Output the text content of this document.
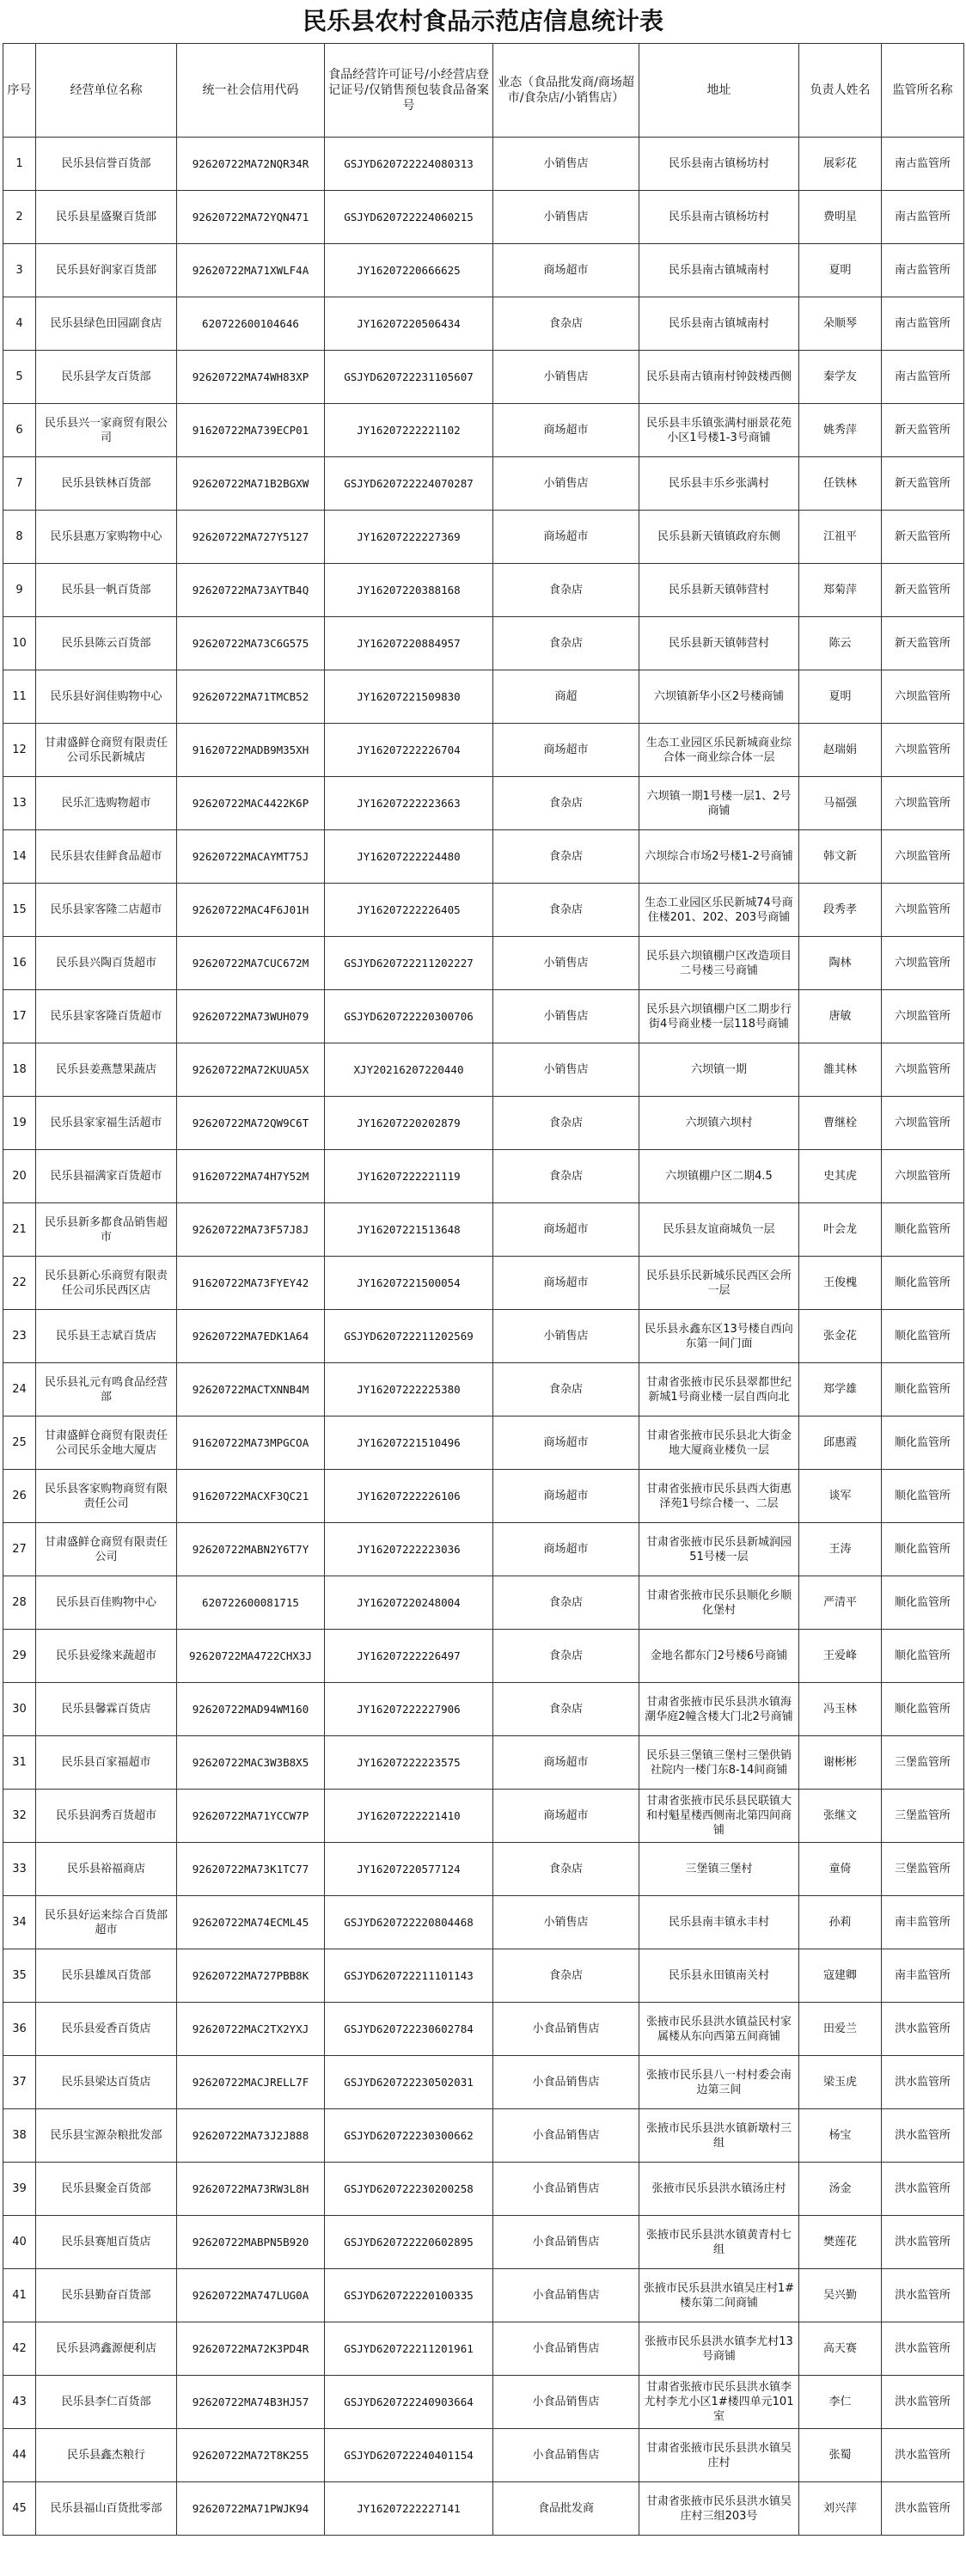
民乐县农村食品示范店信息统计表
序号	经营单位名称	统一社会信用代码	食品经营许可证号/小经营店登记证号/仅销售预包装食品备案号	业态（食品批发商/商场超市/食杂店/小销售店）	地址	负责人姓名	监管所名称
1	民乐县信誉百货部	92620722MA72NQR34R	GSJYD620722224080313	小销售店	民乐县南古镇杨坊村	展彩花	南古监管所
2	民乐县星盛聚百货部	92620722MA72YQN471	GSJYD620722224060215	小销售店	民乐县南古镇杨坊村	费明星	南古监管所
3	民乐县好润家百货部	92620722MA71XWLF4A	JY16207220666625	商场超市	民乐县南古镇城南村	夏明	南古监管所
4	民乐县绿色田园副食店	620722600104646	JY16207220506434	食杂店	民乐县南古镇城南村	朵顺琴	南古监管所
5	民乐县学友百货部	92620722MA74WH83XP	GSJYD620722231105607	小销售店	民乐县南古镇南村钟鼓楼西侧	秦学友	南古监管所
6	民乐县兴一家商贸有限公司	91620722MA739ECP01	JY16207222221102	商场超市	民乐县丰乐镇张满村丽景花苑小区1号楼1-3号商铺	姚秀萍	新天监管所
7	民乐县铁林百货部	92620722MA71B2BGXW	GSJYD620722224070287	小销售店	民乐县丰乐乡张满村	任铁林	新天监管所
8	民乐县惠万家购物中心	92620722MA727Y5127	JY16207222227369	商场超市	民乐县新天镇镇政府东侧	江祖平	新天监管所
9	民乐县一帆百货部	92620722MA73AYTB4Q	JY16207220388168	食杂店	民乐县新天镇韩营村	郑菊萍	新天监管所
10	民乐县陈云百货部	92620722MA73C6G575	JY16207220884957	食杂店	民乐县新天镇韩营村	陈云	新天监管所
11	民乐县好润佳购物中心	92620722MA71TMCB52	JY16207221509830	商超	六坝镇新华小区2号楼商铺	夏明	六坝监管所
12	甘肃盛鲜仓商贸有限责任公司乐民新城店	91620722MADB9M35XH	JY16207222226704	商场超市	生态工业园区乐民新城商业综合体一商业综合体一层	赵瑞娟	六坝监管所
13	民乐汇选购物超市	92620722MAC4422K6P	JY16207222223663	食杂店	六坝镇一期1号楼一层1、2号商铺	马福强	六坝监管所
14	民乐县农佳鲜食品超市	92620722MACAYMT75J	JY16207222224480	食杂店	六坝综合市场2号楼1-2号商铺	韩文新	六坝监管所
15	民乐县家客隆二店超市	92620722MAC4F6J01H	JY16207222226405	食杂店	生态工业园区乐民新城74号商住楼201、202、203号商铺	段秀孝	六坝监管所
16	民乐县兴陶百货超市	92620722MA7CUC672M	GSJYD620722211202227	小销售店	民乐县六坝镇棚户区改造项目二号楼三号商铺	陶林	六坝监管所
17	民乐县家客隆百货超市	92620722MA73WUH079	GSJYD620722220300706	小销售店	民乐县六坝镇棚户区二期步行街4号商业楼一层118号商铺	唐敏	六坝监管所
18	民乐县姜燕慧果蔬店	92620722MA72KUUA5X	XJY20216207220440	小销售店	六坝镇一期	雒其林	六坝监管所
19	民乐县家家福生活超市	92620722MA72QW9C6T	JY16207220202879	食杂店	六坝镇六坝村	曹继栓	六坝监管所
20	民乐县福满家百货超市	91620722MA74H7Y52M	JY16207222221119	食杂店	六坝镇棚户区二期4.5	史其虎	六坝监管所
21	民乐县新多都食品销售超市	92620722MA73F57J8J	JY16207221513648	商场超市	民乐县友谊商城负一层	叶会龙	顺化监管所
22	民乐县新心乐商贸有限责任公司乐民西区店	91620722MA73FYEY42	JY16207221500054	商场超市	民乐县乐民新城乐民西区会所一层	王俊槐	顺化监管所
23	民乐县王志斌百货店	92620722MA7EDK1A64	GSJYD620722211202569	小销售店	民乐县永鑫东区13号楼自西向东第一间门面	张金花	顺化监管所
24	民乐县礼元有鸣食品经营部	92620722MACTXNNB4M	JY16207222225380	食杂店	甘肃省张掖市民乐县翠都世纪新城1号商业楼一层自西向北	郑学雄	顺化监管所
25	甘肃盛鲜仓商贸有限责任公司民乐金地大厦店	91620722MA73MPGCOA	JY16207221510496	商场超市	甘肃省张掖市民乐县北大街金地大厦商业楼负一层	邱惠霞	顺化监管所
26	民乐县客家购物商贸有限责任公司	91620722MACXF3QC21	JY16207222226106	商场超市	甘肃省张掖市民乐县西大街惠泽苑1号综合楼一、二层	谈军	顺化监管所
27	甘肃盛鲜仓商贸有限责任公司	92620722MABN2Y6T7Y	JY16207222223036	商场超市	甘肃省张掖市民乐县新城润园51号楼一层	王涛	顺化监管所
28	民乐县百佳购物中心	620722600081715	JY16207220248004	食杂店	甘肃省张掖市民乐县顺化乡顺化堡村	严清平	顺化监管所
29	民乐县爱缘来蔬超市	92620722MA4722CHX3J	JY16207222226497	食杂店	金地名都东门2号楼6号商铺	王爱峰	顺化监管所
30	民乐县馨霖百货店	92620722MAD94WM160	JY16207222227906	食杂店	甘肃省张掖市民乐县洪水镇海潮华庭2幢含楼大门北2号商铺	冯玉林	顺化监管所
31	民乐县百家福超市	92620722MAC3W3B8X5	JY16207222223575	商场超市	民乐县三堡镇三堡村三堡供销社院内一楼门东8-14间商铺	谢彬彬	三堡监管所
32	民乐县润秀百货超市	92620722MA71YCCW7P	JY16207222221410	商场超市	甘肃省张掖市民乐县民联镇大和村魁星楼西侧南北第四间商铺	张继文	三堡监管所
33	民乐县裕福商店	92620722MA73K1TC77	JY16207220577124	食杂店	三堡镇三堡村	童倚	三堡监管所
34	民乐县好运来综合百货部超市	92620722MA74ECML45	GSJYD620722220804468	小销售店	民乐县南丰镇永丰村	孙莉	南丰监管所
35	民乐县雄凤百货部	92620722MA727PBB8K	GSJYD620722211101143	食杂店	民乐县永田镇南关村	寇建卿	南丰监管所
36	民乐县爱香百货店	92620722MAC2TX2YXJ	GSJYD620722230602784	小食品销售店	张掖市民乐县洪水镇益民村家属楼从东向西第五间商铺	田爱兰	洪水监管所
37	民乐县梁达百货店	92620722MACJRELL7F	GSJYD620722230502031	小食品销售店	张掖市民乐县八一村村委会南边第三间	梁玉虎	洪水监管所
38	民乐县宝源杂粮批发部	92620722MA73J2J888	GSJYD620722230300662	小食品销售店	张掖市民乐县洪水镇新墩村三组	杨宝	洪水监管所
39	民乐县聚金百货部	92620722MA73RW3L8H	GSJYD620722230200258	小食品销售店	张掖市民乐县洪水镇汤庄村	汤金	洪水监管所
40	民乐县赛旭百货店	92620722MABPN5B920	GSJYD620722220602895	小食品销售店	张掖市民乐县洪水镇黄青村七组	樊莲花	洪水监管所
41	民乐县勤奋百货部	92620722MA747LUG0A	GSJYD620722220100335	小食品销售店	张掖市民乐县洪水镇吴庄村1#楼东第二间商铺	吴兴勤	洪水监管所
42	民乐县鸿鑫源便利店	92620722MA72K3PD4R	GSJYD620722211201961	小食品销售店	张掖市民乐县洪水镇李尤村13号商铺	高天赛	洪水监管所
43	民乐县李仁百货部	92620722MA74B3HJ57	GSJYD620722240903664	小食品销售店	甘肃省张掖市民乐县洪水镇李尤村李尤小区1#楼四单元101室	李仁	洪水监管所
44	民乐县鑫杰粮行	92620722MA72T8K255	GSJYD620722240401154	小食品销售店	甘肃省张掖市民乐县洪水镇吴庄村	张蜀	洪水监管所
45	民乐县福山百货批零部	92620722MA71PWJK94	JY16207222227141	食品批发商	甘肃省张掖市民乐县洪水镇吴庄村三组203号	刘兴萍	洪水监管所
